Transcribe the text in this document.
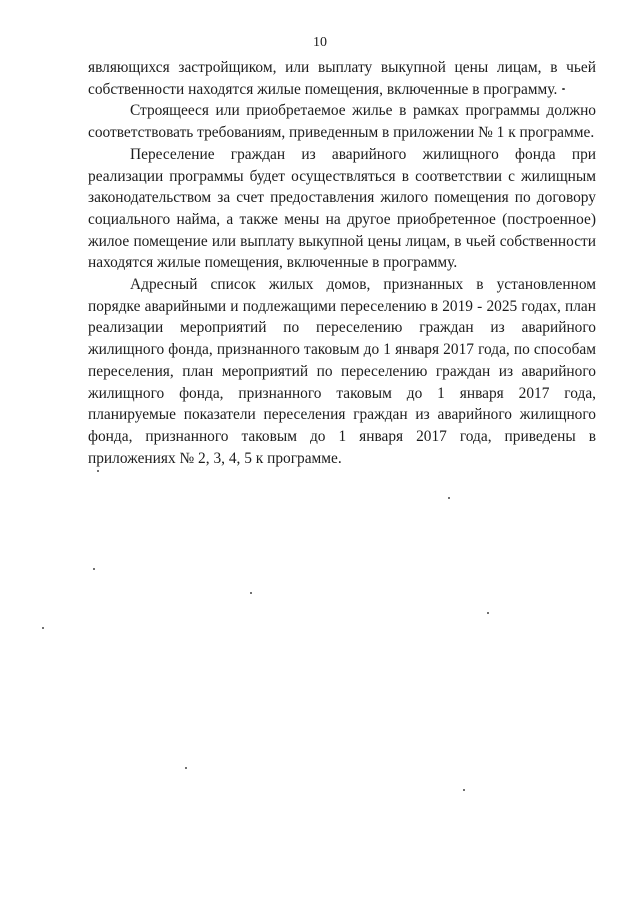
10

являющихся застройщиком, или выплату выкупной цены лицам, в чьей собственности находятся жилые помещения, включенные в программу.

Строящееся или приобретаемое жилье в рамках программы должно соответствовать требованиям, приведенным в приложении № 1 к программе.

Переселение граждан из аварийного жилищного фонда при реализации программы будет осуществляться в соответствии с жилищным законодательством за счет предоставления жилого помещения по договору социального найма, а также мены на другое приобретенное (построенное) жилое помещение или выплату выкупной цены лицам, в чьей собственности находятся жилые помещения, включенные в программу.

Адресный список жилых домов, признанных в установленном порядке аварийными и подлежащими переселению в 2019 - 2025 годах, план реализации мероприятий по переселению граждан из аварийного жилищного фонда, признанного таковым до 1 января 2017 года, по способам переселения, план мероприятий по переселению граждан из аварийного жилищного фонда, признанного таковым до 1 января 2017 года, планируемые показатели переселения граждан из аварийного жилищного фонда, признанного таковым до 1 января 2017 года, приведены в приложениях № 2, 3, 4, 5 к программе.
